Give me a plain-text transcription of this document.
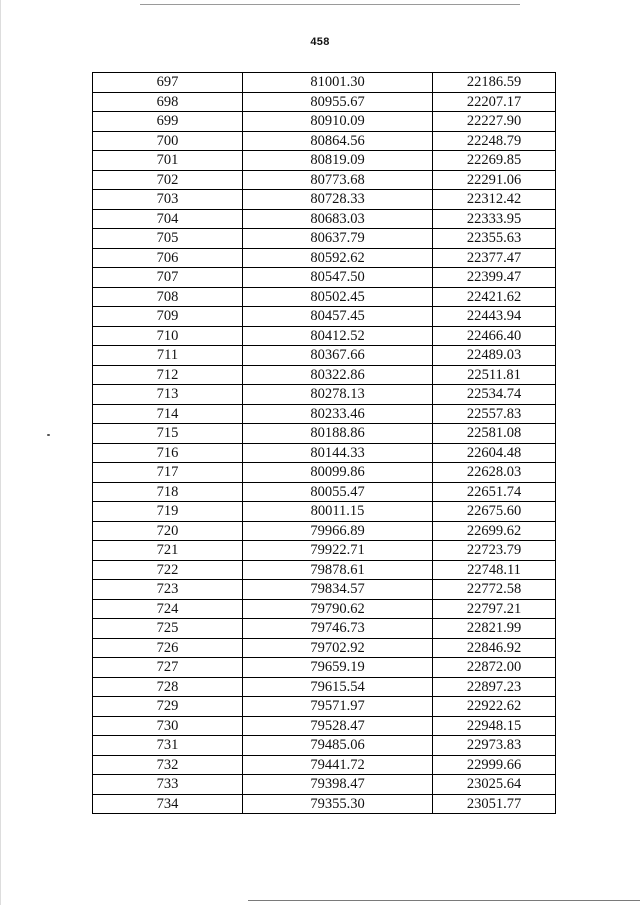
458
697	81001.30	22186.59
698	80955.67	22207.17
699	80910.09	22227.90
700	80864.56	22248.79
701	80819.09	22269.85
702	80773.68	22291.06
703	80728.33	22312.42
704	80683.03	22333.95
705	80637.79	22355.63
706	80592.62	22377.47
707	80547.50	22399.47
708	80502.45	22421.62
709	80457.45	22443.94
710	80412.52	22466.40
711	80367.66	22489.03
712	80322.86	22511.81
713	80278.13	22534.74
714	80233.46	22557.83
715	80188.86	22581.08
716	80144.33	22604.48
717	80099.86	22628.03
718	80055.47	22651.74
719	80011.15	22675.60
720	79966.89	22699.62
721	79922.71	22723.79
722	79878.61	22748.11
723	79834.57	22772.58
724	79790.62	22797.21
725	79746.73	22821.99
726	79702.92	22846.92
727	79659.19	22872.00
728	79615.54	22897.23
729	79571.97	22922.62
730	79528.47	22948.15
731	79485.06	22973.83
732	79441.72	22999.66
733	79398.47	23025.64
734	79355.30	23051.77
